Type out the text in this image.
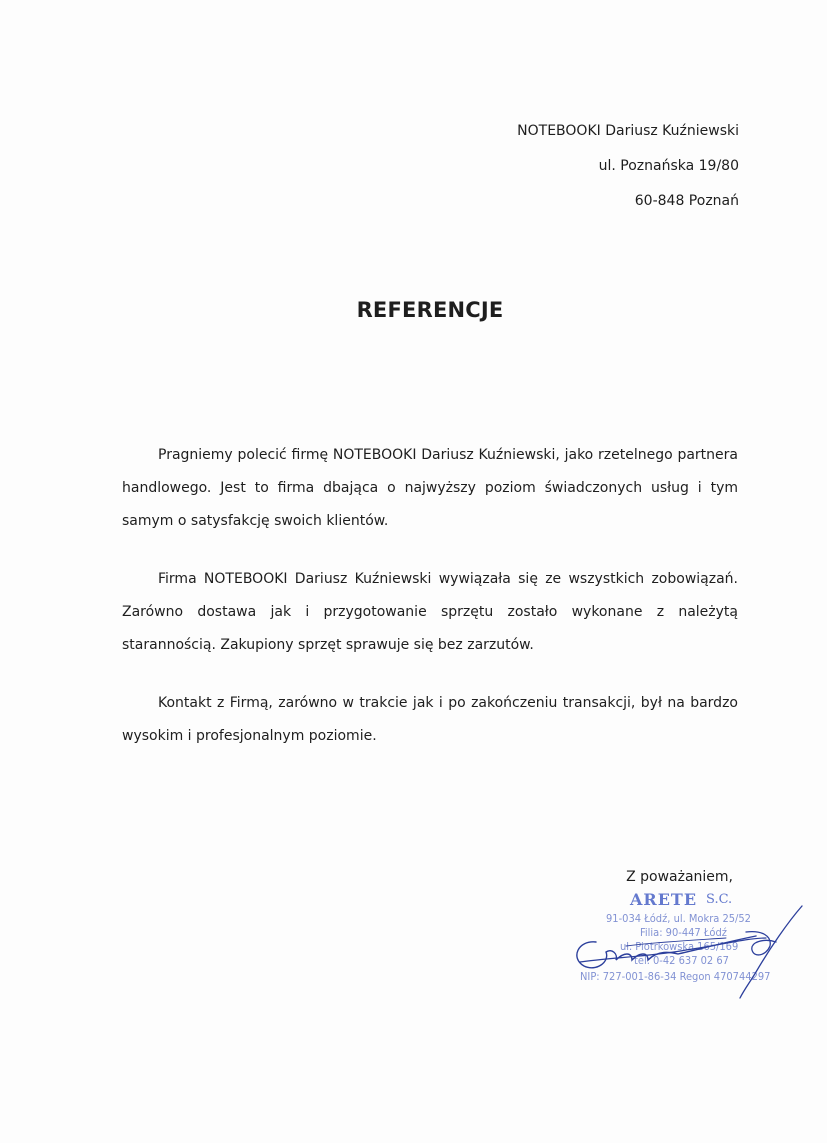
NOTEBOOKI Dariusz Kuźniewski
ul. Poznańska 19/80
60-848 Poznań
REFERENCJE
Pragniemy polecić firmę NOTEBOOKI Dariusz Kuźniewski, jako rzetelnego partnera handlowego. Jest to firma dbająca o najwyższy poziom świadczonych usług i tym samym o satysfakcję swoich klientów.
Firma NOTEBOOKI Dariusz Kuźniewski wywiązała się ze wszystkich zobowiązań. Zarówno dostawa jak i przygotowanie sprzętu zostało wykonane z należytą starannością. Zakupiony sprzęt sprawuje się bez zarzutów.
Kontakt z Firmą, zarówno w trakcie jak i po zakończeniu transakcji, był na bardzo wysokim i profesjonalnym poziomie.
Z poważaniem,
ARETE S.C.
91-034 Łódź, ul. Mokra 25/52
Filia: 90-447 Łódź
ul. Piotrkowska 165/169
tel. 0-42 637 02 67
NIP: 727-001-86-34 Regon 470744297
